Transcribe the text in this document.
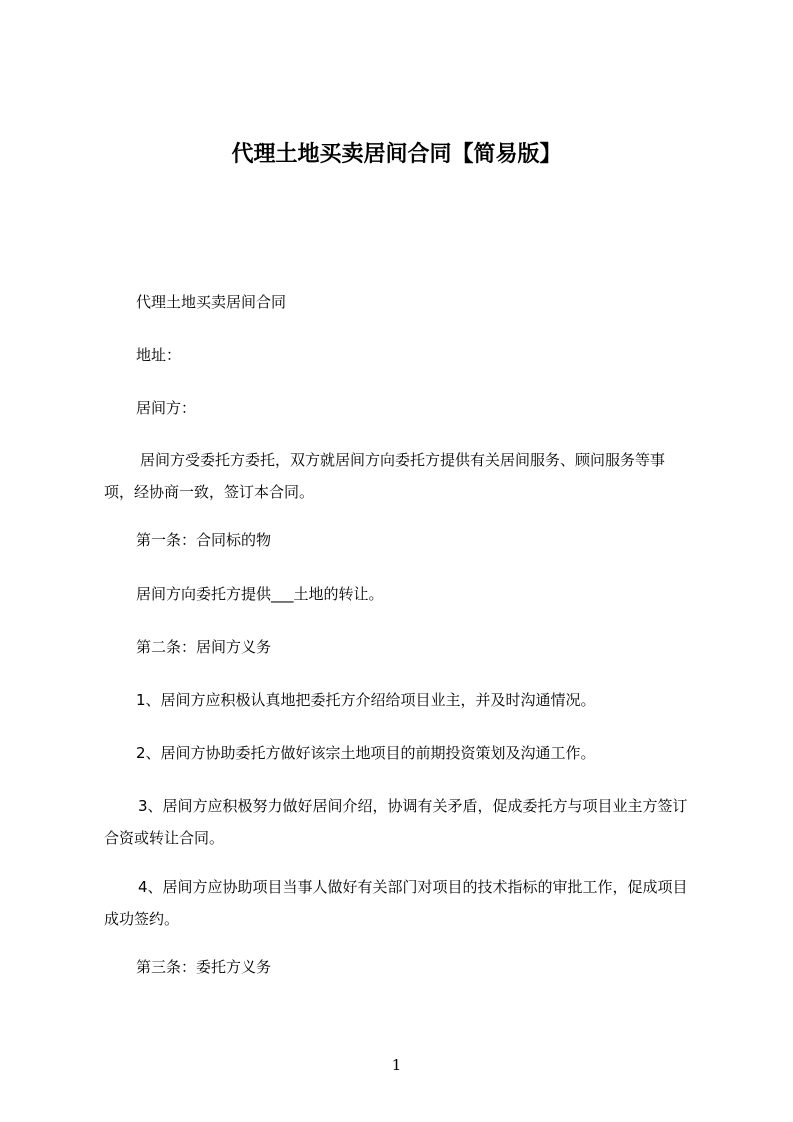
代理土地买卖居间合同【简易版】
代理土地买卖居间合同
地址：
居间方：
居间方受委托方委托，双方就居间方向委托方提供有关居间服务、顾问服务等事项，经协商一致，签订本合同。
第一条：合同标的物
居间方向委托方提供___土地的转让。
第二条：居间方义务
1、居间方应积极认真地把委托方介绍给项目业主，并及时沟通情况。
2、居间方协助委托方做好该宗土地项目的前期投资策划及沟通工作。
3、居间方应积极努力做好居间介绍，协调有关矛盾，促成委托方与项目业主方签订合资或转让合同。
4、居间方应协助项目当事人做好有关部门对项目的技术指标的审批工作，促成项目成功签约。
第三条：委托方义务
1
